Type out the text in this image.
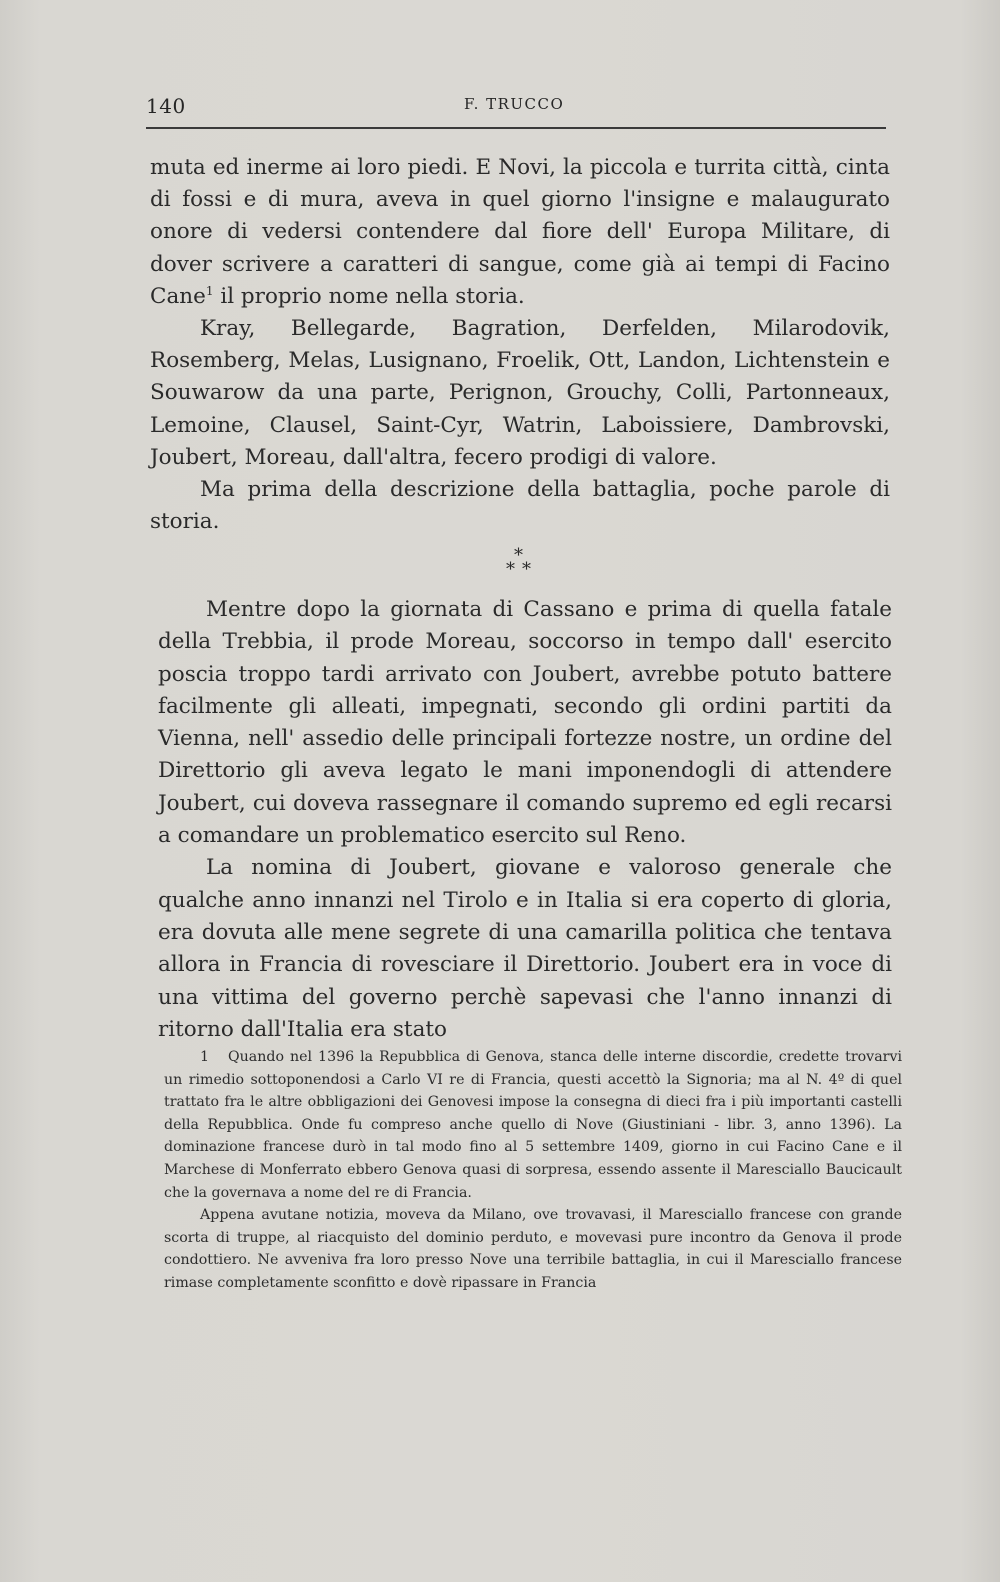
140	F. TRUCCO

muta ed inerme ai loro piedi. E Novi, la piccola e turrita città, cinta di fossi e di mura, aveva in quel giorno l'insigne e malaugurato onore di vedersi contendere dal fiore dell' Europa Militare, di dover scrivere a caratteri di sangue, come già ai tempi di Facino Cane$^1$ il proprio nome nella storia.

Kray, Bellegarde, Bagration, Derfelden, Milarodovik, Rosemberg, Melas, Lusignano, Froelik, Ott, Landon, Lichtenstein e Souwarow da una parte, Perignon, Grouchy, Colli, Partonneaux, Lemoine, Clausel, Saint-Cyr, Watrin, Laboissiere, Dambrovski, Joubert, Moreau, dall'altra, fecero prodigi di valore.

Ma prima della descrizione della battaglia, poche parole di storia.

*
* *

Mentre dopo la giornata di Cassano e prima di quella fatale della Trebbia, il prode Moreau, soccorso in tempo dall' esercito poscia troppo tardi arrivato con Joubert, avrebbe potuto battere facilmente gli alleati, impegnati, secondo gli ordini partiti da Vienna, nell' assedio delle principali fortezze nostre, un ordine del Direttorio gli aveva legato le mani imponendogli di attendere Joubert, cui doveva rassegnare il comando supremo ed egli recarsi a comandare un problematico esercito sul Reno.

La nomina di Joubert, giovane e valoroso generale che qualche anno innanzi nel Tirolo e in Italia si era coperto di gloria, era dovuta alle mene segrete di una camarilla politica che tentava allora in Francia di rovesciare il Direttorio. Joubert era in voce di una vittima del governo perchè sapevasi che l'anno innanzi di ritorno dall'Italia era stato

1 Quando nel 1396 la Repubblica di Genova, stanca delle interne discordie, credette trovarvi un rimedio sottoponendosi a Carlo VI re di Francia, questi accettò la Signoria; ma al N. 4º di quel trattato fra le altre obbligazioni dei Genovesi impose la consegna di dieci fra i più importanti castelli della Repubblica. Onde fu compreso anche quello di Nove (Giustiniani - libr. 3, anno 1396). La dominazione francese durò in tal modo fino al 5 settembre 1409, giorno in cui Facino Cane e il Marchese di Monferrato ebbero Genova quasi di sorpresa, essendo assente il Maresciallo Baucicault che la governava a nome del re di Francia.

Appena avutane notizia, moveva da Milano, ove trovavasi, il Maresciallo francese con grande scorta di truppe, al riacquisto del dominio perduto, e movevasi pure incontro da Genova il prode condottiero. Ne avveniva fra loro presso Nove una terribile battaglia, in cui il Maresciallo francese rimase completamente sconfitto e dovè ripassare in Francia
